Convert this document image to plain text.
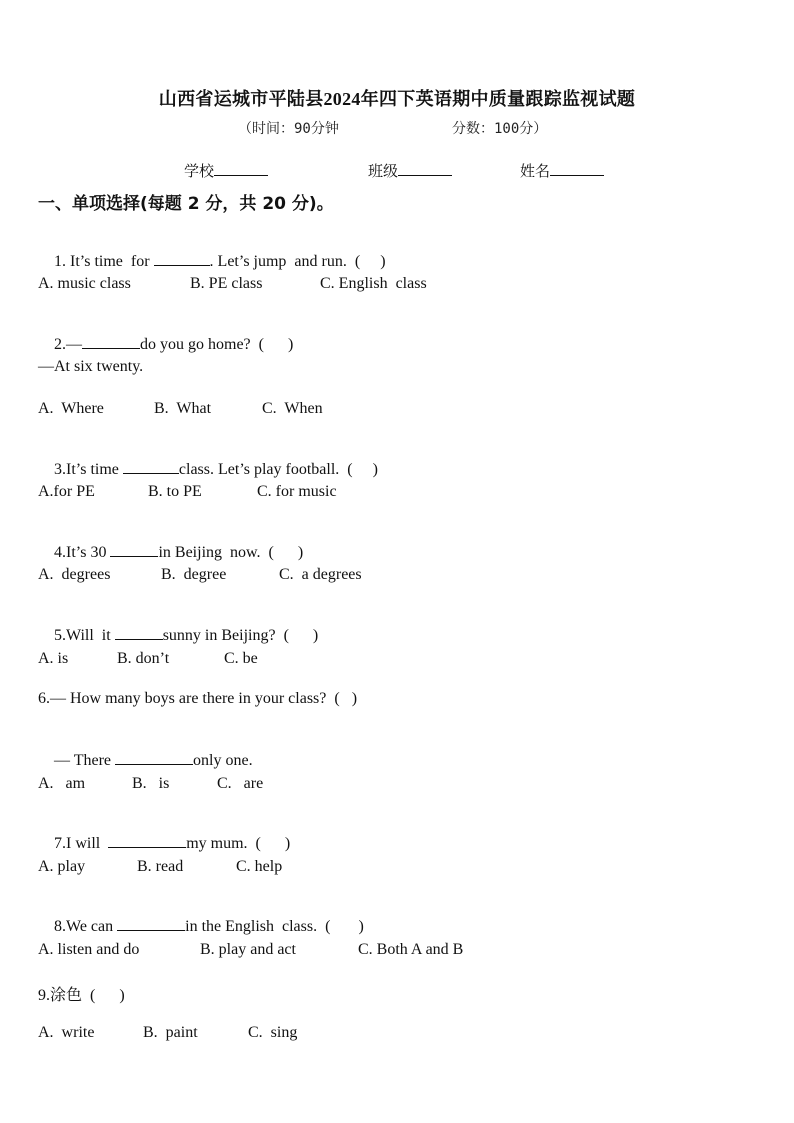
山西省运城市平陆县2024年四下英语期中质量跟踪监视试题
（时间：90分钟	分数：100分）
学校	班级	姓名
一、单项选择(每题 2 分，共 20 分)。

1. It’s time  for	. Let’s jump  and run.  (     )

A. music class	B. PE class	C. English  class

2.—	do you go home?  (      )

—At six twenty.
A.  Where	B.  What	C.  When

3.It’s time	class. Let’s play football.  (     )

A.for PE	B. to PE	C. for music

4.It’s 30	in Beijing  now.  (      )

A.  degrees	B.  degree	C.  a degrees

5.Will  it	sunny in Beijing?  (      )

A. is	B. don’t	C. be
6.— How many boys are there in your class?  (   )

— There	only one.

A.   am	B.   is	C.   are

7.I will	my mum.  (      )

A. play	B. read	C. help

8.We can	in the English  class.  (       )

A. listen and do	B. play and act	C. Both A and B
9.涂色  (      )
A.  write	B.  paint	C.  sing
